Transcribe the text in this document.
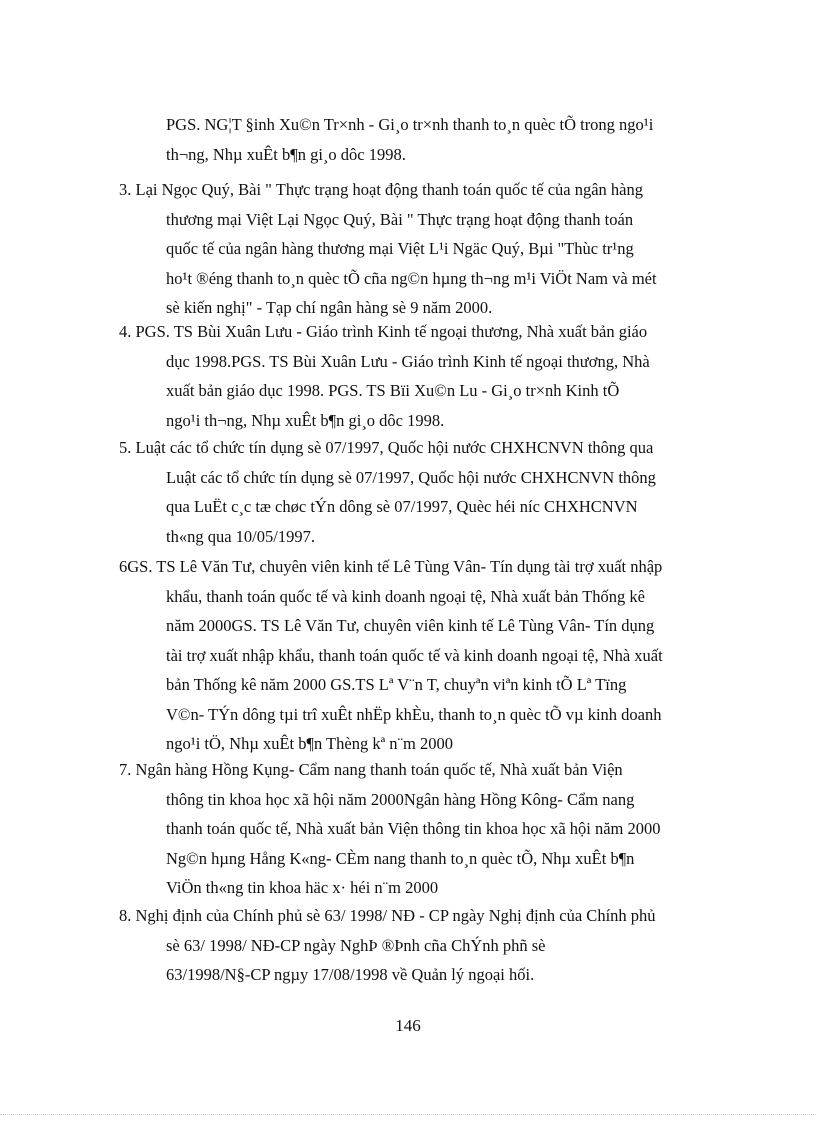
PGS. NG¦T §inh Xu©n Tr×nh - Gi¸o tr×nh thanh to¸n quèc tÕ trong ngo¹i
th¬ng, Nhµ xuÊt b¶n gi¸o dôc 1998.
3. Lại Ngọc Quý, Bài " Thực trạng hoạt động thanh toán quốc tế của ngân hàng
thương mại Việt Lại Ngọc Quý, Bài " Thực trạng hoạt động thanh toán
quốc tế của ngân hàng thương mại Việt L¹i Ngäc Quý, Bµi "Thùc tr¹ng
ho¹t ®éng thanh to¸n quèc tÕ cña ng©n hµng th¬ng m¹i ViÖt Nam và mét
sè kiến nghị" - Tạp chí ngân hàng sè 9 năm 2000.
4. PGS. TS Bùi Xuân Lưu - Giáo trình Kinh tế ngoại thương, Nhà xuất bản giáo
dục 1998.PGS. TS Bùi Xuân Lưu - Giáo trình Kinh tế ngoại thương, Nhà
xuất bản giáo dục 1998. PGS. TS Bïi Xu©n Lu - Gi¸o tr×nh Kinh tÕ
ngo¹i th¬ng, Nhµ xuÊt b¶n gi¸o dôc 1998.
5. Luật các tổ chức tín dụng sè 07/1997, Quốc hội nước CHXHCNVN thông qua
Luật các tổ chức tín dụng sè 07/1997, Quốc hội nước CHXHCNVN thông
qua LuËt c¸c tæ chøc tÝn dông sè 07/1997, Quèc héi níc CHXHCNVN
th«ng qua 10/05/1997.
6GS. TS Lê Văn Tư, chuyên viên kinh tế Lê Tùng Vân- Tín dụng tài trợ xuất nhập
khẩu, thanh toán quốc tế và kinh doanh ngoại tệ, Nhà xuất bản Thống kê
năm 2000GS. TS Lê Văn Tư, chuyên viên kinh tế Lê Tùng Vân- Tín dụng
tài trợ xuất nhập khẩu, thanh toán quốc tế và kinh doanh ngoại tệ, Nhà xuất
bản Thống kê năm 2000 GS.TS Lª V¨n T, chuyªn viªn kinh tÕ Lª Tïng
V©n- TÝn dông tµi trî xuÊt nhËp khÈu, thanh to¸n quèc tÕ vµ kinh doanh
ngo¹i tÖ, Nhµ xuÊt b¶n Thèng kª n¨m 2000
7. Ngân hàng Hồng Kụng- Cẩm nang thanh toán quốc tế, Nhà xuất bản Viện
thông tin khoa học xã hội năm 2000Ngân hàng Hồng Kông- Cẩm nang
thanh toán quốc tế, Nhà xuất bản Viện thông tin khoa học xã hội năm 2000
Ng©n hµng Hång K«ng- CÈm nang thanh to¸n quèc tÕ, Nhµ xuÊt b¶n
ViÖn th«ng tin khoa häc x· héi n¨m 2000
8. Nghị định của Chính phủ sè 63/ 1998/ NĐ - CP ngày Nghị định của Chính phủ
sè 63/ 1998/ NĐ-CP ngày NghÞ ®Þnh cña ChÝnh phñ sè
63/1998/N§-CP ngµy 17/08/1998 về Quản lý ngoại hối.
146
